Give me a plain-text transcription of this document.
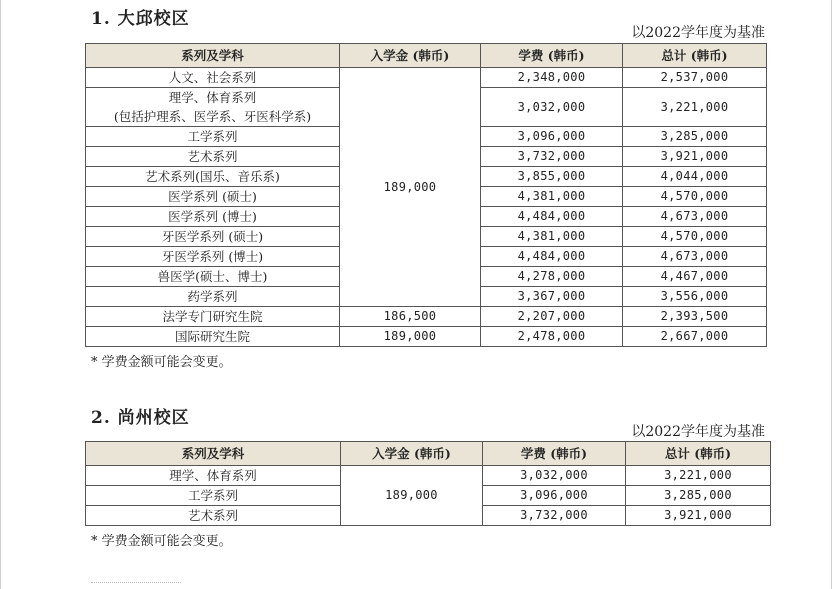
1. 大邱校区
以2022学年度为基准
系列及学科	入学金 (韩币)	学费 (韩币)	总计 (韩币)
人文、社会系列	189,000	2,348,000	2,537,000
理学、体育系列
(包括护理系、医学系、牙医科学系)		3,032,000	3,221,000
工学系列		3,096,000	3,285,000
艺术系列		3,732,000	3,921,000
艺术系列(国乐、音乐系)		3,855,000	4,044,000
医学系列 (硕士)		4,381,000	4,570,000
医学系列 (博士)		4,484,000	4,673,000
牙医学系列 (硕士)		4,381,000	4,570,000
牙医学系列 (博士)		4,484,000	4,673,000
兽医学(硕士、博士)		4,278,000	4,467,000
药学系列		3,367,000	3,556,000
法学专门研究生院	186,500	2,207,000	2,393,500
国际研究生院	189,000	2,478,000	2,667,000
* 学费金额可能会变更。
2. 尚州校区
以2022学年度为基准
系列及学科	入学金 (韩币)	学费 (韩币)	总计 (韩币)
理学、体育系列	189,000	3,032,000	3,221,000
工学系列		3,096,000	3,285,000
艺术系列		3,732,000	3,921,000
* 学费金额可能会变更。
